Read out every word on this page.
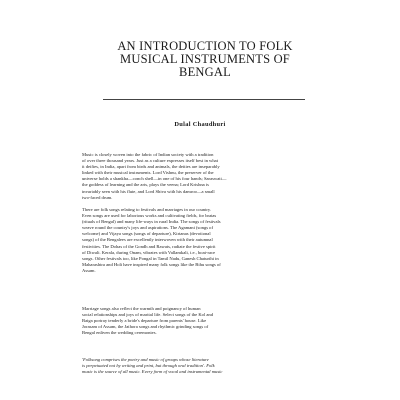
AN INTRODUCTION TO FOLK
MUSICAL INSTRUMENTS OF
BENGAL
Dulal Chaudhuri

Music is closely woven into the fabric of Indian society with a tradition
of over three thousand years. Just as a culture expresses itself best in what
it deifies, in India, apart from birds and animals, the deities are inseparably
linked with their musical instruments. Lord Vishnu, the preserver of the
universe holds a shankha—conch shell—in one of his four hands; Saraswati—
the goddess of learning and the arts, plays the veena; Lord Krishna is
invariably seen with his flute, and Lord Shiva with his damroo—a small
two-faced drum.

There are folk songs relating to festivals and marriages in our country.
Even songs are used for laborious works and cultivating fields, for bratas
(rituals of Bengal) and many life-ways in rural India. The songs of festivals
weave round the country's joys and aspirations. The Agamani (songs of
welcome) and Vijaya songs (songs of departure), Kirtanas (devotional
songs) of the Bengalees are excellently interwoven with their autumnal
festivities. The Dohas of the Gondh and Rawats, radiate the festive spirit
of Diwali. Kerala, during Onam, vibrates with Vallamkali, i.e., boat-race
songs. Other festivals too, like Pongal in Tamil Nadu, Ganesh Chaturthi in
Maharashtra and Holi have inspired many folk songs like the Bihu songs of
Assam.

Marriage songs also reflect the warmth and poignancy of human
social relationships and joys of marital life. Select songs of the Kol and
Baiga portray tenderly a bride's departure from parents' house. Like
Jorasam of Assam, the Jathora songs and rhythmic grinding songs of
Bengal enliven the wedding ceremonies.

'Folksong comprises the poetry and music of groups whose literature
is perpetuated not by writing and print, but through oral tradition'. Folk
music is the source of all music. Every form of vocal and instrumental music
